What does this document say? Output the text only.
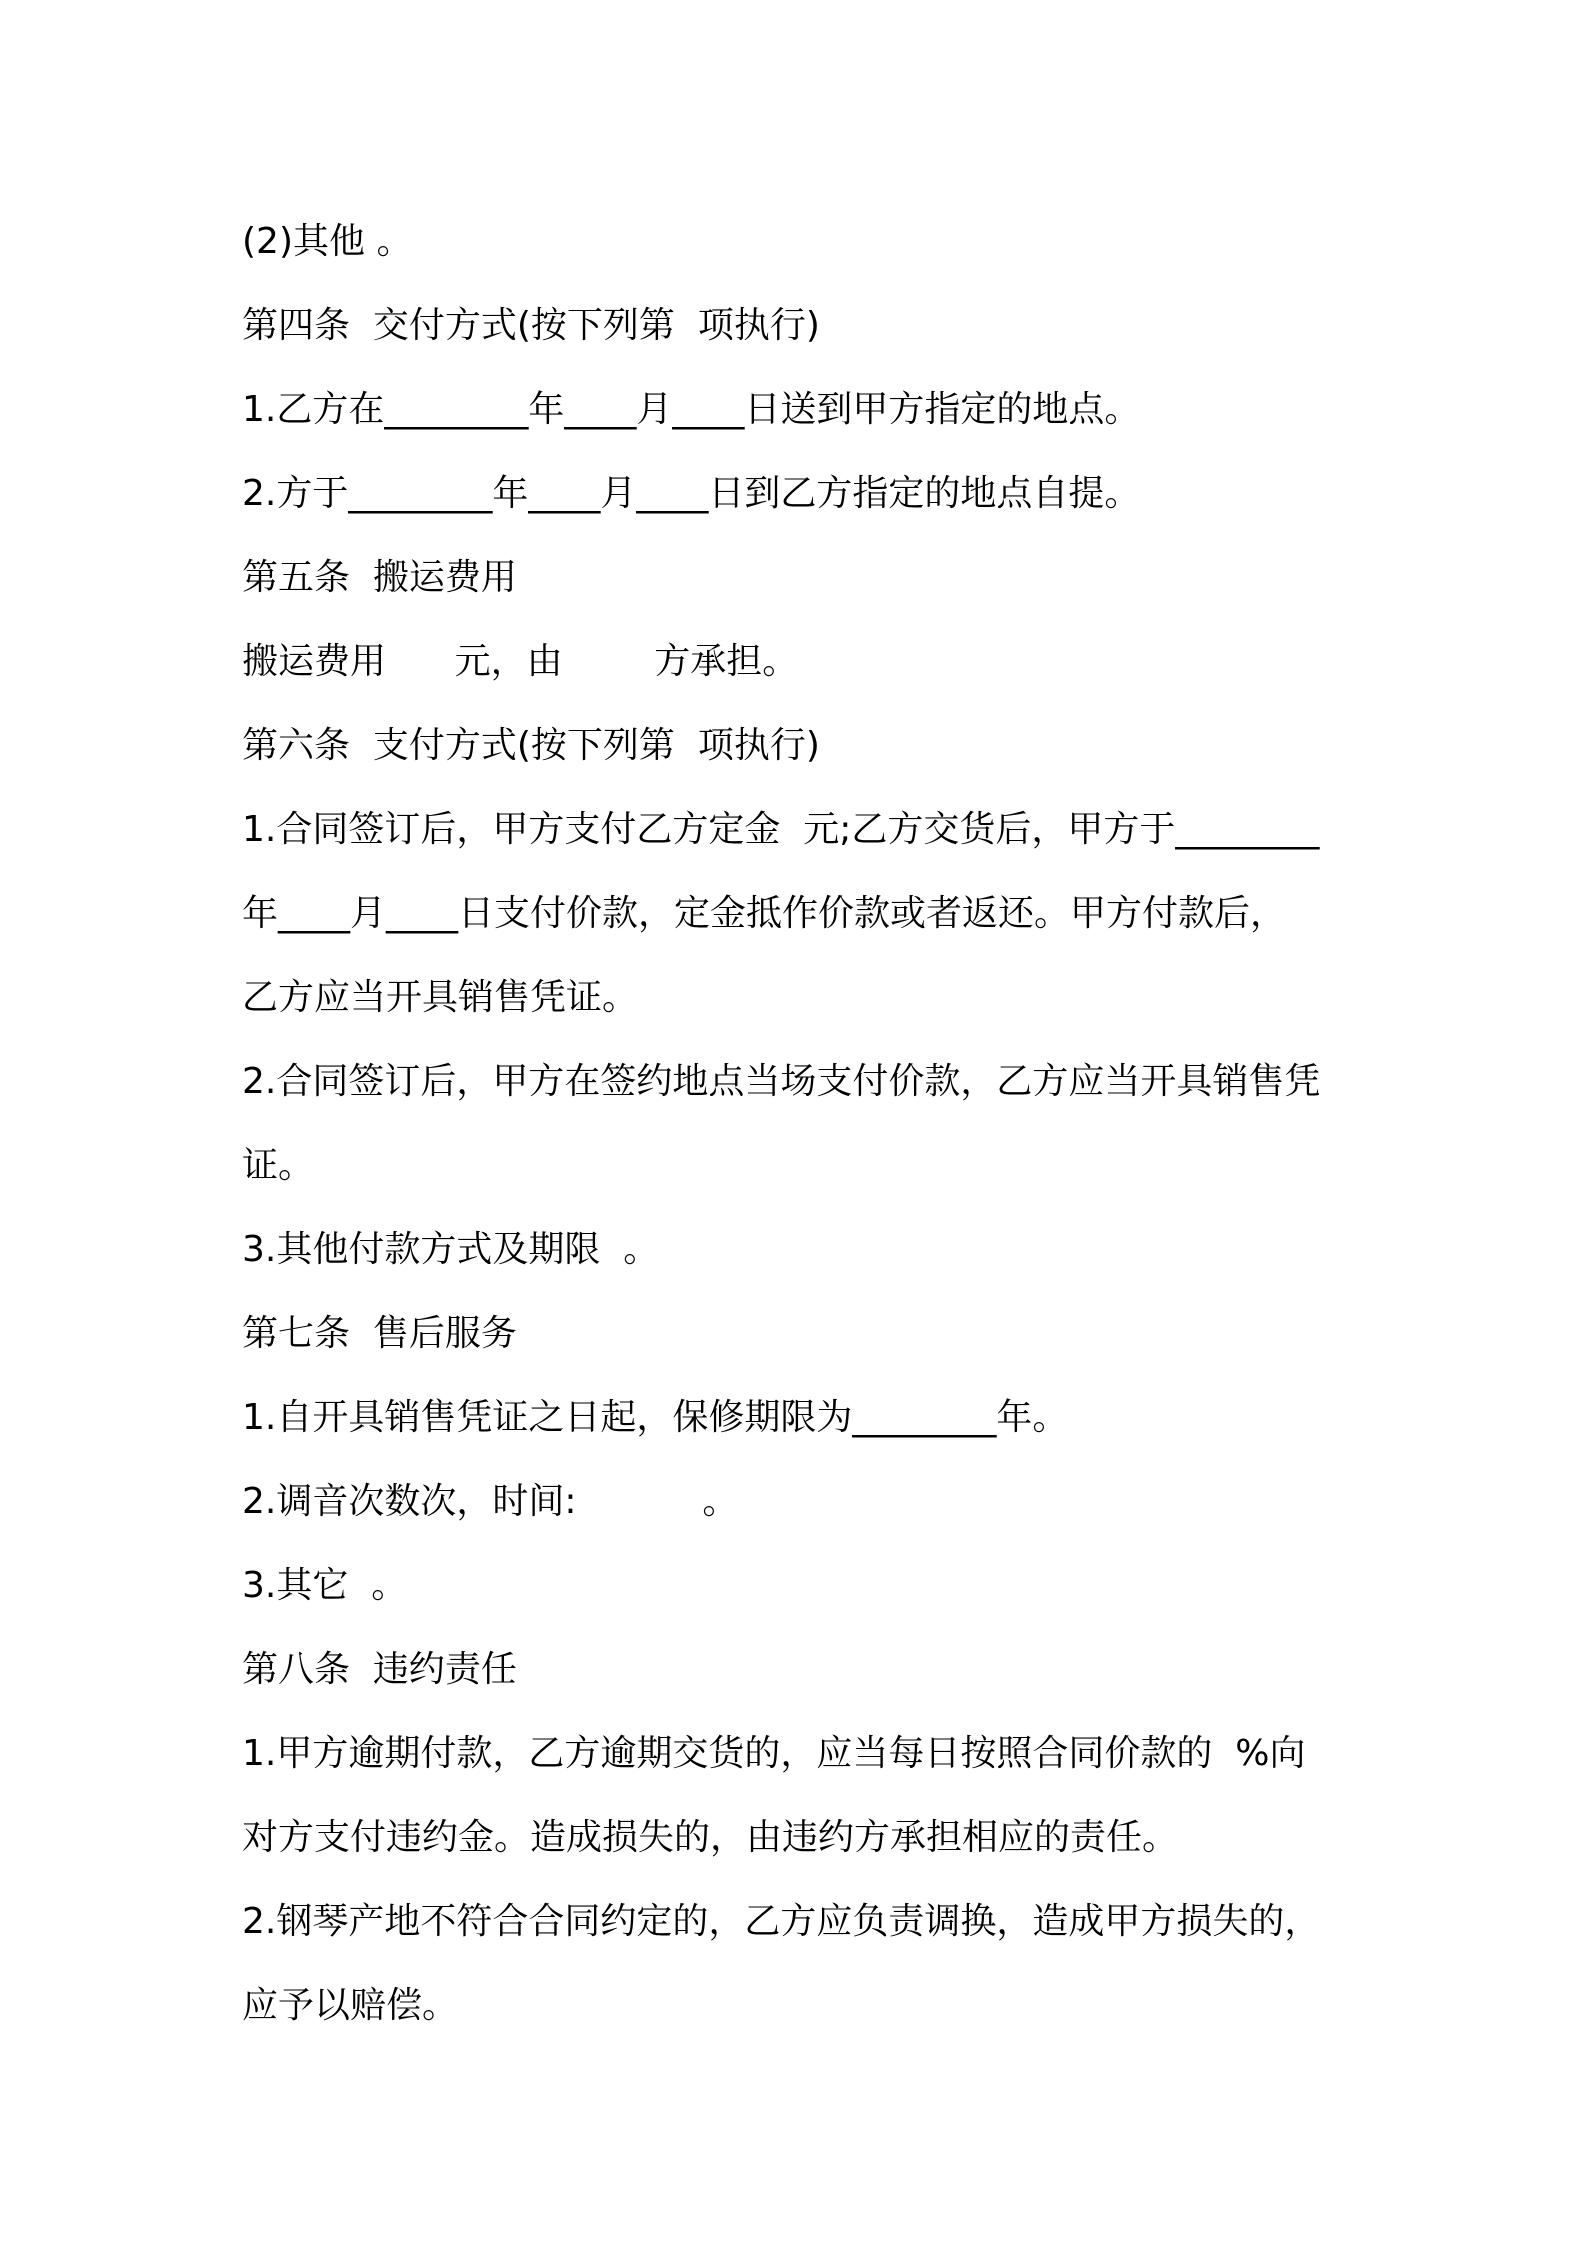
(2)其他 。
第四条  交付方式(按下列第  项执行)
1.乙方在________年____月____日送到甲方指定的地点。
2.方于________年____月____日到乙方指定的地点自提。
第五条  搬运费用
搬运费用      元，由        方承担。
第六条  支付方式(按下列第  项执行)
1.合同签订后，甲方支付乙方定金  元;乙方交货后，甲方于________
年____月____日支付价款，定金抵作价款或者返还。甲方付款后，
乙方应当开具销售凭证。
2.合同签订后，甲方在签约地点当场支付价款，乙方应当开具销售凭
证。
3.其他付款方式及期限  。
第七条  售后服务
1.自开具销售凭证之日起，保修期限为________年。
2.调音次数次，时间:           。
3.其它  。
第八条  违约责任
1.甲方逾期付款，乙方逾期交货的，应当每日按照合同价款的  %向
对方支付违约金。造成损失的，由违约方承担相应的责任。
2.钢琴产地不符合合同约定的，乙方应负责调换，造成甲方损失的，
应予以赔偿。
